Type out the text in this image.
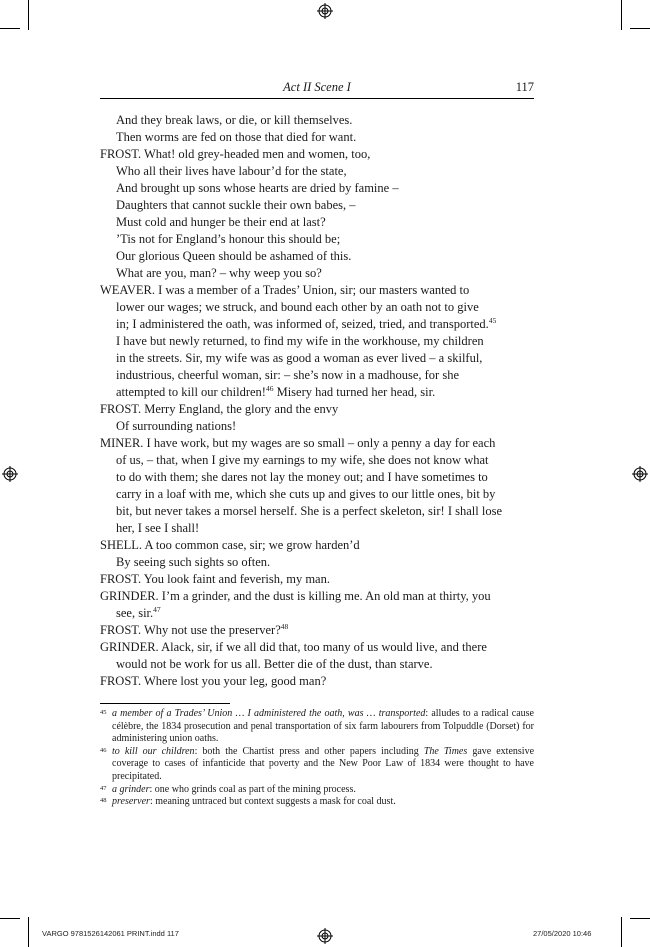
Act II Scene I	117
And they break laws, or die, or kill themselves.
Then worms are fed on those that died for want.
FROST. What! old grey-headed men and women, too,
Who all their lives have labour’d for the state,
And brought up sons whose hearts are dried by famine –
Daughters that cannot suckle their own babes, –
Must cold and hunger be their end at last?
’Tis not for England’s honour this should be;
Our glorious Queen should be ashamed of this.
What are you, man? – why weep you so?
WEAVER. I was a member of a Trades’ Union, sir; our masters wanted to
lower our wages; we struck, and bound each other by an oath not to give
in; I administered the oath, was informed of, seized, tried, and transported.$^{45}$
I have but newly returned, to find my wife in the workhouse, my children
in the streets. Sir, my wife was as good a woman as ever lived – a skilful,
industrious, cheerful woman, sir: – she’s now in a madhouse, for she
attempted to kill our children!$^{46}$ Misery had turned her head, sir.
FROST. Merry England, the glory and the envy
Of surrounding nations!
MINER. I have work, but my wages are so small – only a penny a day for each
of us, – that, when I give my earnings to my wife, she does not know what
to do with them; she dares not lay the money out; and I have sometimes to
carry in a loaf with me, which she cuts up and gives to our little ones, bit by
bit, but never takes a morsel herself. She is a perfect skeleton, sir! I shall lose
her, I see I shall!
SHELL. A too common case, sir; we grow harden’d
By seeing such sights so often.
FROST. You look faint and feverish, my man.
GRINDER. I’m a grinder, and the dust is killing me. An old man at thirty, you
see, sir.$^{47}$
FROST. Why not use the preserver?$^{48}$
GRINDER. Alack, sir, if we all did that, too many of us would live, and there
would not be work for us all. Better die of the dust, than starve.
FROST. Where lost you your leg, good man?
45 a member of a Trades’ Union … I administered the oath, was … transported: alludes to a radical cause célèbre, the 1834 prosecution and penal transportation of six farm labourers from Tolpuddle (Dorset) for administering union oaths.
46 to kill our children: both the Chartist press and other papers including The Times gave extensive coverage to cases of infanticide that poverty and the New Poor Law of 1834 were thought to have precipitated.
47 a grinder: one who grinds coal as part of the mining process.
48 preserver: meaning untraced but context suggests a mask for coal dust.
VARGO 9781526142061 PRINT.indd 117	27/05/2020 10:46
